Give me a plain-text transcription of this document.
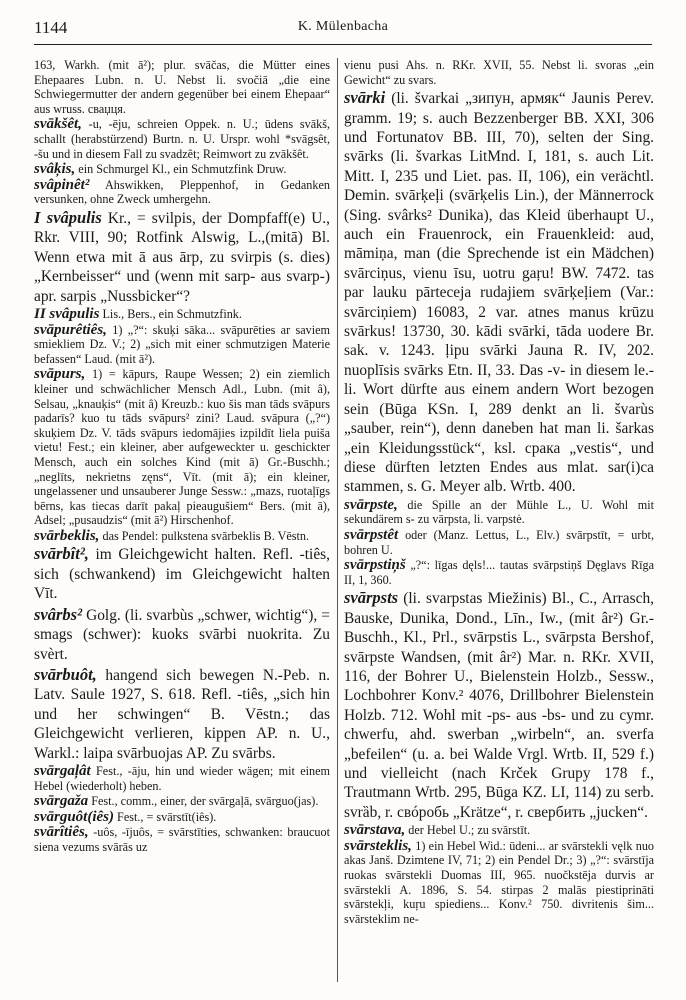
1144	K. Mülenbacha

163, Warkh. (mit ā²); plur. svāčas, die Mütter eines Ehepaares Lubn. n. U. Nebst li. svočiā „die eine Schwiegermutter der andern gegenüber bei einem Ehepaar“ aus wruss. сваџця.

svākšêt, -u, -ēju, schreien Oppek. n. U.; ūdens svākš, schallt (herabstürzend) Burtn. n. U. Urspr. wohl *svāgsêt, -šu und in diesem Fall zu svadzêt; Reimwort zu zvākšêt.

svâķis, ein Schmurgel Kl., ein Schmutzfink Druw.

svâpinêt² Ahswikken, Pleppenhof, in Gedanken versunken, ohne Zweck umhergehn.

I svâpulis Kr., = svilpis, der Dompfaff(e) U., Rkr. VIII, 90; Rotfink Alswig, L.,(mitā) Bl. Wenn etwa mit ā aus ārp, zu svirpis (s. dies) „Kernbeisser“ und (wenn mit sarp- aus svarp-) apr. sarpis „Nussbicker“?

II svâpulis Lis., Bers., ein Schmutzfink.

svāpurêtiês, 1) „?“: skuķi sāka... svāpurēties ar saviem smiekliem Dz. V.; 2) „sich mit einer schmutzigen Materie befassen“ Laud. (mit ā²).

svāpurs, 1) = kāpurs, Raupe Wessen; 2) ein ziemlich kleiner und schwächlicher Mensch Adl., Lubn. (mit â), Selsau, „knauķis“ (mit â) Kreuzb.: kuo šis man tāds svāpurs padarīs? kuo tu tāds svāpurs² zini? Laud. svāpura („?“) skuķiem Dz. V. tāds svāpurs iedomājies izpildīt liela puiša vietu! Fest.; ein kleiner, aber aufgeweckter u. geschickter Mensch, auch ein solches Kind (mit ā) Gr.-Buschh.; „neglīts, nekrietns zęns“, Vīt. (mit ā); ein kleiner, ungelassener und unsauberer Junge Sessw.: „mazs, ruotaļīgs bērns, kas tiecas darīt pakaļ pieaugušiem“ Bers. (mit ā), Adsel; „pusaudzis“ (mit ā²) Hirschenhof.

svārbeklis, das Pendel: pulkstena svārbeklis B. Vēstn.

svārbît², im Gleichgewicht halten. Refl. -tiês, sich (schwankend) im Gleichgewicht halten Vīt.

svârbs² Golg. (li. svarbùs „schwer, wichtig“), = smags (schwer): kuoks svārbi nuokrita. Zu svèrt.

svārbuôt, hangend sich bewegen N.-Peb. n. Latv. Saule 1927, S. 618. Refl. -tiês, „sich hin und her schwingen“ B. Vēstn.; das Gleichgewicht verlieren, kippen AP. n. U., Warkl.: laipa svārbuojas AP. Zu svārbs.

svārgaļât Fest., -āju, hin und wieder wägen; mit einem Hebel (wiederholt) heben.

svārgaža Fest., comm., einer, der svārgaļā, svārguo(jas).

svārguôt(iês) Fest., = svārstīt(iês).

svārîtiês, -uôs, -ījuôs, = svārstīties, schwanken: braucuot siena vezums svārās uz

vienu pusi Ahs. n. RKr. XVII, 55. Nebst li. svoras „ein Gewicht“ zu svars.

svārki (li. švarkai „зипун, армяк“ Jaunis Perev. gramm. 19; s. auch Bezzenberger BB. XXI, 306 und Fortunatov BB. III, 70), selten der Sing. svārks (li. švarkas LitMnd. I, 181, s. auch Lit. Mitt. I, 235 und Liet. pas. II, 106), ein verächtl. Demin. svārķeļi (svārķelis Lin.), der Männerrock (Sing. svârks² Dunika), das Kleid überhaupt U., auch ein Frauenrock, ein Frauenkleid: aud, māmiņa, man (die Sprechende ist ein Mädchen) svārciņus, vienu īsu, uotru gaŗu! BW. 7472. tas par lauku pārteceja rudajiem svārķeļiem (Var.: svārciņiem) 16083, 2 var. atnes manus krūzu svārkus! 13730, 30. kādi svārki, tāda uodere Br. sak. v. 1243. ļipu svārki Jauna R. IV, 202. nuoplīsis svārks Etn. II, 33. Das -v- in diesem le.-li. Wort dürfte aus einem andern Wort bezogen sein (Būga KSn. I, 289 denkt an li. švarùs „sauber, rein“), denn daneben hat man li. šarkas „ein Kleidungsstück“, ksl. срака „vestis“, und diese dürften letzten Endes aus mlat. sar(i)ca stammen, s. G. Meyer alb. Wrtb. 400.

svārpste, die Spille an der Mühle L., U. Wohl mit sekundärem s- zu vārpsta, li. varpstė.

svārpstêt oder (Manz. Lettus, L., Elv.) svārpstīt, = urbt, bohren U.

svārpstiņš „?“: līgas dęls!... tautas svārpstiņš Dęglavs Rīga II, 1, 360.

svārpsts (li. svarpstas Miežinis) Bl., C., Arrasch, Bauske, Dunika, Dond., Līn., Iw., (mit âr²) Gr.-Buschh., Kl., Prl., svārpstis L., svārpsta Bershof, svārpste Wandsen, (mit âr²) Mar. n. RKr. XVII, 116, der Bohrer U., Bielenstein Holzb., Sessw., Lochbohrer Konv.² 4076, Drillbohrer Bielenstein Holzb. 712. Wohl mit -ps- aus -bs- und zu cymr. chwerfu, ahd. swerban „wirbeln“, an. sverfa „befeilen“ (u. a. bei Walde Vrgl. Wrtb. II, 529 f.) und vielleicht (nach Krček Grupy 178 f., Trautmann Wrtb. 295, Būga KZ. LI, 114) zu serb. svrȁb, r. свóробь „Krätze“, r. свербить „jucken“.

svārstava, der Hebel U.; zu svārstīt.

svārsteklis, 1) ein Hebel Wid.: ūdeni... ar svārstekli vęlk nuo akas Janš. Dzimtene IV, 71; 2) ein Pendel Dr.; 3) „?“: svārstīja ruokas svārstekli Duomas III, 965. nuočkstēja durvis ar svārstekli A. 1896, S. 54. stirpas 2 malās piestiprināti svārstekļi, kuŗu spiediens... Konv.² 750. divritenis šim... svārsteklim ne-
